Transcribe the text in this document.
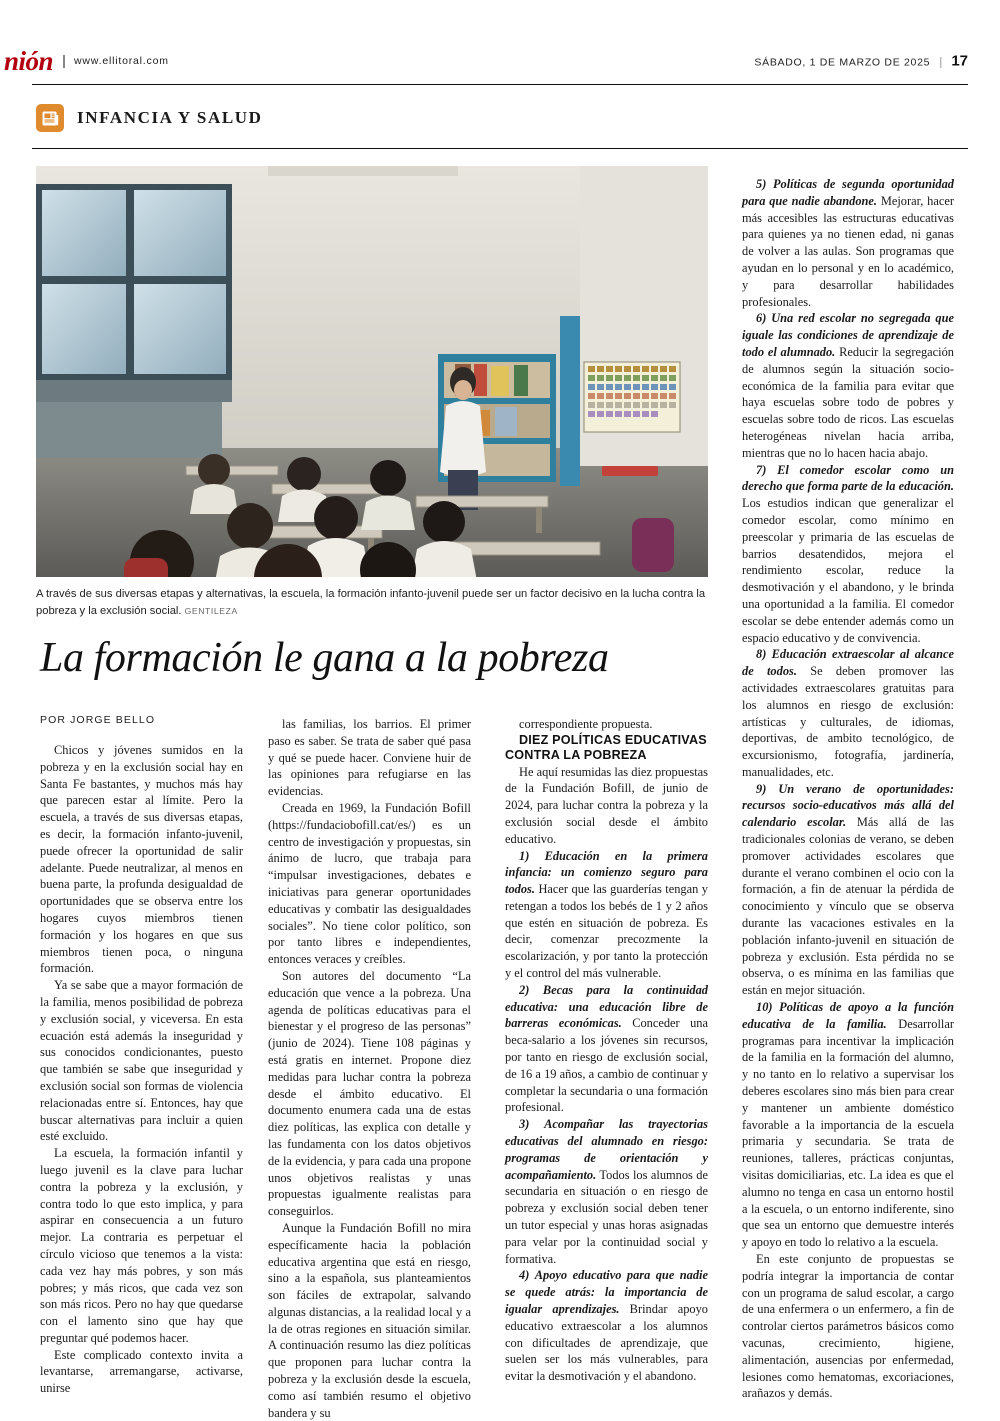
nión www.ellitoral.com	SÁBADO, 1 DE MARZO DE 2025 | 17
INFANCIA Y SALUD
A través de sus diversas etapas y alternativas, la escuela, la formación infanto-juvenil puede ser un factor decisivo en la lucha contra la pobreza y la exclusión social. GENTILEZA
La formación le gana a la pobreza
POR JORGE BELLO

Chicos y jóvenes sumidos en la pobreza y en la exclusión social hay en Santa Fe bastantes, y muchos más hay que parecen estar al límite. Pero la escuela, a través de sus diversas etapas, es decir, la formación infanto-juvenil, puede ofrecer la oportunidad de salir adelante. Puede neutralizar, al menos en buena parte, la profunda desigualdad de oportunidades que se observa entre los hogares cuyos miembros tienen formación y los hogares en que sus miembros tienen poca, o ninguna formación.

Ya se sabe que a mayor formación de la familia, menos posibilidad de pobreza y exclusión social, y viceversa. En esta ecuación está además la inseguridad y sus conocidos condicionantes, puesto que también se sabe que inseguridad y exclusión social son formas de violencia relacionadas entre sí. Entonces, hay que buscar alternativas para incluir a quien esté excluido.

La escuela, la formación infantil y luego juvenil es la clave para luchar contra la pobreza y la exclusión, y contra todo lo que esto implica, y para aspirar en consecuencia a un futuro mejor. La contraria es perpetuar el círculo vicioso que tenemos a la vista: cada vez hay más pobres, y son más pobres; y más ricos, que cada vez son son más ricos. Pero no hay que quedarse con el lamento sino que hay que preguntar qué podemos hacer.

Este complicado contexto invita a levantarse, arremangarse, activarse, unirse

las familias, los barrios. El primer paso es saber. Se trata de saber qué pasa y qué se puede hacer. Conviene huir de las opiniones para refugiarse en las evidencias.

Creada en 1969, la Fundación Bofill (https://fundaciobofill.cat/es/) es un centro de investigación y propuestas, sin ánimo de lucro, que trabaja para “impulsar investigaciones, debates e iniciativas para generar oportunidades educativas y combatir las desigualdades sociales”. No tiene color político, son por tanto libres e independientes, entonces veraces y creíbles.

Son autores del documento “La educación que vence a la pobreza. Una agenda de políticas educativas para el bienestar y el progreso de las personas” (junio de 2024). Tiene 108 páginas y está gratis en internet. Propone diez medidas para luchar contra la pobreza desde el ámbito educativo. El documento enumera cada una de estas diez políticas, las explica con detalle y las fundamenta con los datos objetivos de la evidencia, y para cada una propone unos objetivos realistas y unas propuestas igualmente realistas para conseguirlos.

Aunque la Fundación Bofill no mira específicamente hacia la población educativa argentina que está en riesgo, sino a la española, sus planteamientos son fáciles de extrapolar, salvando algunas distancias, a la realidad local y a la de otras regiones en situación similar. A continuación resumo las diez políticas que proponen para luchar contra la pobreza y la exclusión desde la escuela, como así también resumo el objetivo bandera y su

correspondiente propuesta.

DIEZ POLÍTICAS EDUCATIVAS CONTRA LA POBREZA

He aquí resumidas las diez propuestas de la Fundación Bofill, de junio de 2024, para luchar contra la pobreza y la exclusión social desde el ámbito educativo.

1) Educación en la primera infancia: un comienzo seguro para todos. Hacer que las guarderías tengan y retengan a todos los bebés de 1 y 2 años que estén en situación de pobreza. Es decir, comenzar precozmente la escolarización, y por tanto la protección y el control del más vulnerable.

2) Becas para la continuidad educativa: una educación libre de barreras económicas. Conceder una beca-salario a los jóvenes sin recursos, por tanto en riesgo de exclusión social, de 16 a 19 años, a cambio de continuar y completar la secundaria o una formación profesional.

3) Acompañar las trayectorias educativas del alumnado en riesgo: programas de orientación y acompañamiento. Todos los alumnos de secundaria en situación o en riesgo de pobreza y exclusión social deben tener un tutor especial y unas horas asignadas para velar por la continuidad social y formativa.

4) Apoyo educativo para que nadie se quede atrás: la importancia de igualar aprendizajes. Brindar apoyo educativo extraescolar a los alumnos con dificultades de aprendizaje, que suelen ser los más vulnerables, para evitar la desmotivación y el abandono.

5) Políticas de segunda oportunidad para que nadie abandone. Mejorar, hacer más accesibles las estructuras educativas para quienes ya no tienen edad, ni ganas de volver a las aulas. Son programas que ayudan en lo personal y en lo académico, y para desarrollar habilidades profesionales.

6) Una red escolar no segregada que iguale las condiciones de aprendizaje de todo el alumnado. Reducir la segregación de alumnos según la situación socio-económica de la familia para evitar que haya escuelas sobre todo de pobres y escuelas sobre todo de ricos. Las escuelas heterogéneas nivelan hacia arriba, mientras que no lo hacen hacia abajo.

7) El comedor escolar como un derecho que forma parte de la educación. Los estudios indican que generalizar el comedor escolar, como mínimo en preescolar y primaria de las escuelas de barrios desatendidos, mejora el rendimiento escolar, reduce la desmotivación y el abandono, y le brinda una oportunidad a la familia. El comedor escolar se debe entender además como un espacio educativo y de convivencia.

8) Educación extraescolar al alcance de todos. Se deben promover las actividades extraescolares gratuitas para los alumnos en riesgo de exclusión: artísticas y culturales, de idiomas, deportivas, de ambito tecnológico, de excursionismo, fotografía, jardinería, manualidades, etc.

9) Un verano de oportunidades: recursos socio-educativos más allá del calendario escolar. Más allá de las tradicionales colonias de verano, se deben promover actividades escolares que durante el verano combinen el ocio con la formación, a fin de atenuar la pérdida de conocimiento y vínculo que se observa durante las vacaciones estivales en la población infanto-juvenil en situación de pobreza y exclusión. Esta pérdida no se observa, o es mínima en las familias que están en mejor situación.

10) Políticas de apoyo a la función educativa de la familia. Desarrollar programas para incentivar la implicación de la familia en la formación del alumno, y no tanto en lo relativo a supervisar los deberes escolares sino más bien para crear y mantener un ambiente doméstico favorable a la importancia de la escuela primaria y secundaria. Se trata de reuniones, talleres, prácticas conjuntas, visitas domiciliarias, etc. La idea es que el alumno no tenga en casa un entorno hostil a la escuela, o un entorno indiferente, sino que sea un entorno que demuestre interés y apoyo en todo lo relativo a la escuela.

En este conjunto de propuestas se podría integrar la importancia de contar con un programa de salud escolar, a cargo de una enfermera o un enfermero, a fin de controlar ciertos parámetros básicos como vacunas, crecimiento, higiene, alimentación, ausencias por enfermedad, lesiones como hematomas, excoriaciones, arañazos y demás.
